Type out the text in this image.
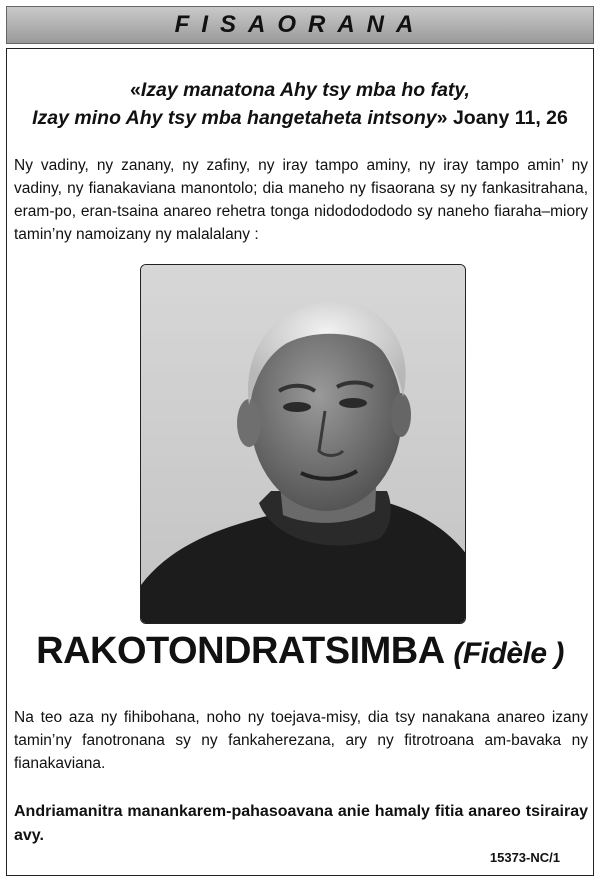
FISAORANA
«Izay manatona Ahy tsy mba ho faty,
Izay mino Ahy tsy mba hangetaheta intsony» Joany 11, 26
Ny vadiny, ny zanany, ny zafiny, ny iray tampo aminy, ny iray tampo amin’ ny vadiny, ny fianakaviana manontolo; dia maneho ny fisaorana sy ny fankasitrahana, eram-po, eran-tsaina anareo rehetra tonga nidododododo sy naneho fiaraha–miory tamin’ny namoizany ny malalalany :
RAKOTONDRATSIMBA (Fidèle )
Na teo aza ny fihibohana, noho ny toejava-misy, dia tsy nanakana anareo izany tamin’ny fanotronana sy ny fankaherezana, ary ny fitrotroana am-bavaka ny fianakaviana.
Andriamanitra manankarem-pahasoavana anie hamaly fitia anareo tsirairay avy.
15373-NC/1
